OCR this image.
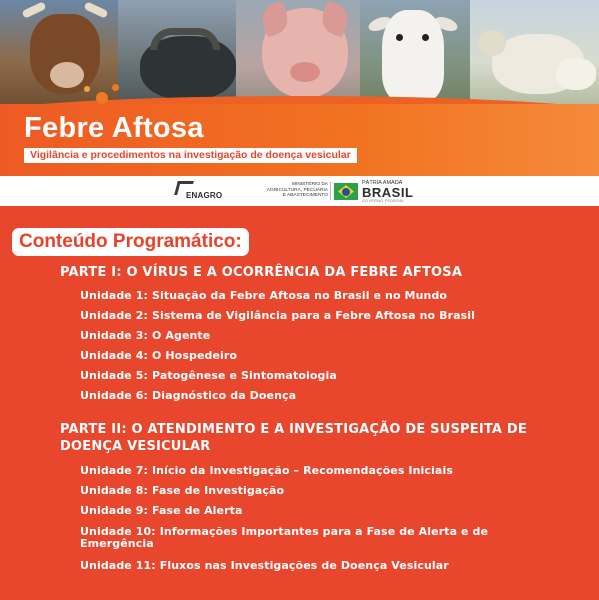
Febre Aftosa
Vigilância e procedimentos na investigação de doença vesicular
ENAGRO
MINISTÉRIO DA AGRICULTURA, PECUÁRIA E ABASTECIMENTO
PÁTRIA AMADA
BRASIL
GOVERNO FEDERAL
Conteúdo Programático:
PARTE I: O VÍRUS E A OCORRÊNCIA DA FEBRE AFTOSA
Unidade 1: Situação da Febre Aftosa no Brasil e no Mundo
Unidade 2: Sistema de Vigilância para a Febre Aftosa no Brasil
Unidade 3: O Agente
Unidade 4: O Hospedeiro
Unidade 5: Patogênese e Sintomatologia
Unidade 6: Diagnóstico da Doença
PARTE II: O ATENDIMENTO E A INVESTIGAÇÃO DE SUSPEITA DE DOENÇA VESICULAR
Unidade 7: Início da Investigação – Recomendações Iniciais
Unidade 8: Fase de Investigação
Unidade 9: Fase de Alerta
Unidade 10: Informações Importantes para a Fase de Alerta e de Emergência
Unidade 11: Fluxos nas Investigações de Doença Vesicular
